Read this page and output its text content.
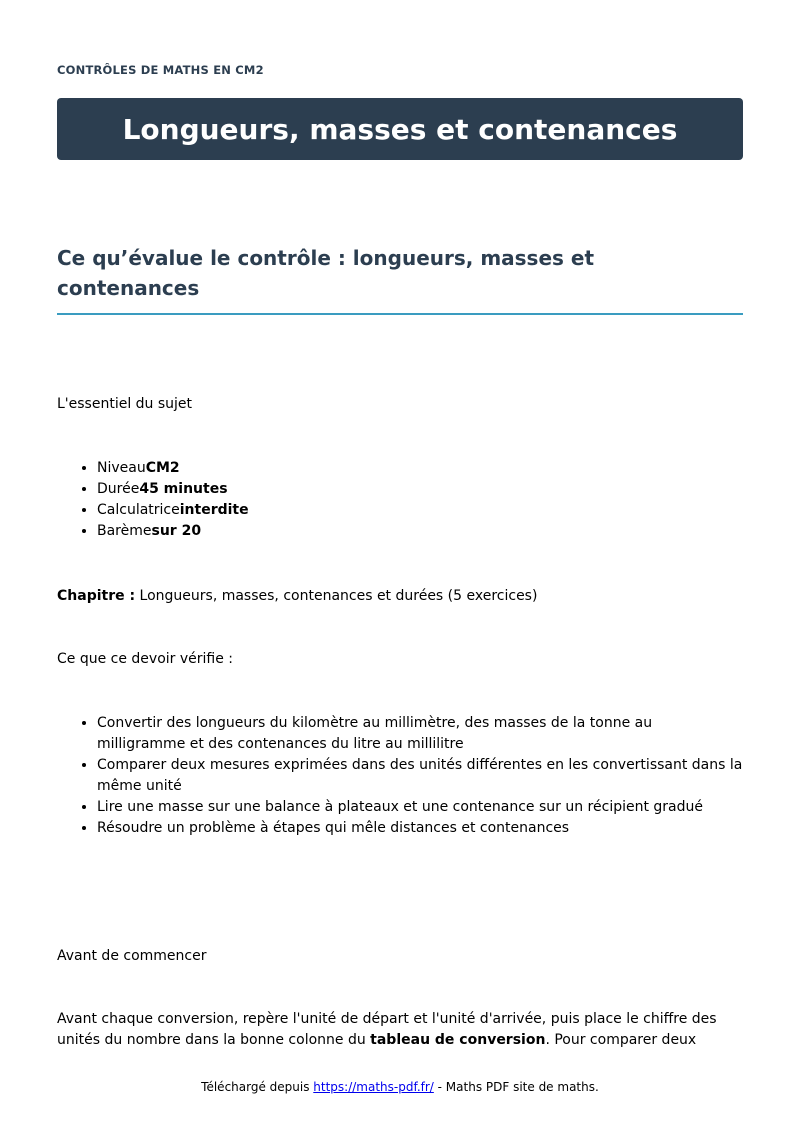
CONTRÔLES DE MATHS EN CM2
Longueurs, masses et contenances
Ce qu’évalue le contrôle : longueurs, masses et contenances

L'essentiel du sujet

• NiveauCM2
• Durée45 minutes
• Calculatriceinterdite
• Barèmesur 20

Chapitre : Longueurs, masses, contenances et durées (5 exercices)

Ce que ce devoir vérifie :

• Convertir des longueurs du kilomètre au millimètre, des masses de la tonne au milligramme et des contenances du litre au millilitre
• Comparer deux mesures exprimées dans des unités différentes en les convertissant dans la même unité
• Lire une masse sur une balance à plateaux et une contenance sur un récipient gradué
• Résoudre un problème à étapes qui mêle distances et contenances

Avant de commencer

Avant chaque conversion, repère l'unité de départ et l'unité d'arrivée, puis place le chiffre des unités du nombre dans la bonne colonne du tableau de conversion. Pour comparer deux

Téléchargé depuis https://maths-pdf.fr/ - Maths PDF site de maths.
